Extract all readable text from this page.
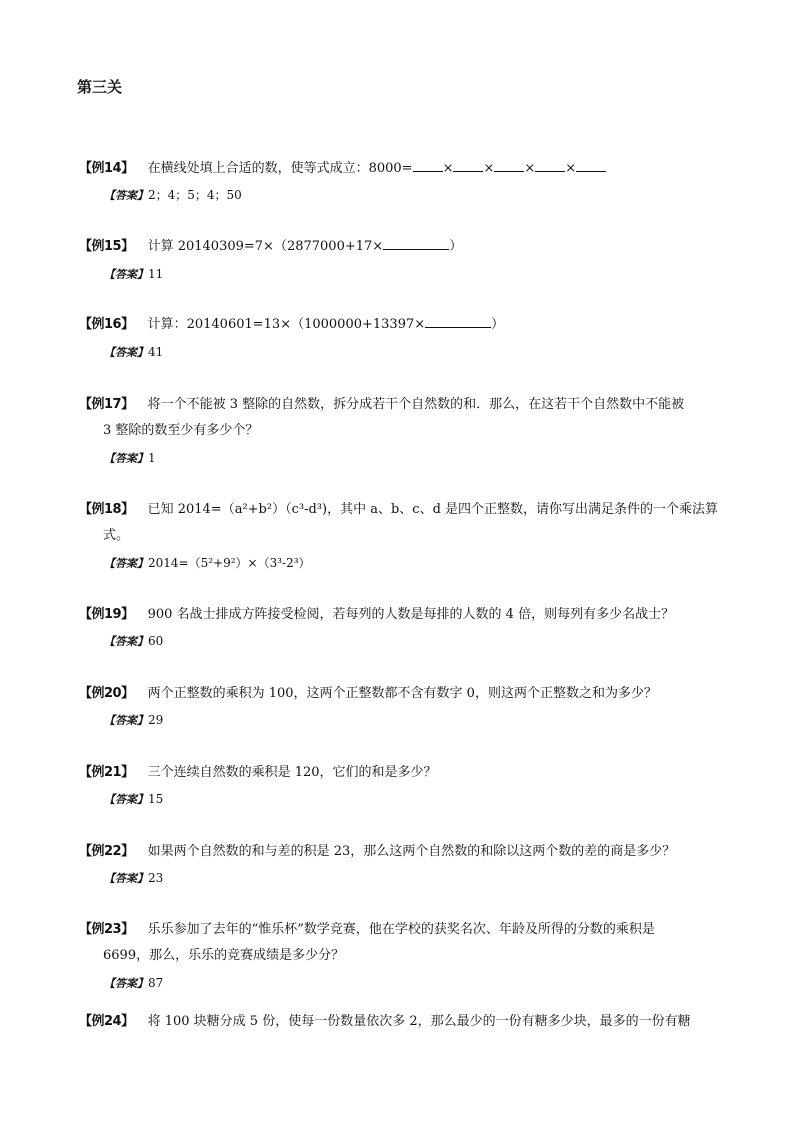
第三关
【例14】 在横线处填上合适的数，使等式成立：8000= × × × ×
【答案】2；4；5；4；50
【例15】 计算 20140309=7×（2877000+17×	）
【答案】11
【例16】 计算：20140601=13×（1000000+13397×	）
【答案】41
【例17】 将一个不能被 3 整除的自然数，拆分成若干个自然数的和．那么，在这若干个自然数中不能被
3 整除的数至少有多少个？
【答案】1
【例18】 已知 2014=（a²+b²）（c³-d³)，其中 a、b、c、d 是四个正整数，请你写出满足条件的一个乘法算
式。
【答案】2014=（5²+9²）×（3³-2³）
【例19】 900 名战士排成方阵接受检阅，若每列的人数是每排的人数的 4 倍，则每列有多少名战士？
【答案】60
【例20】 两个正整数的乘积为 100，这两个正整数都不含有数字 0，则这两个正整数之和为多少？
【答案】29
【例21】 三个连续自然数的乘积是 120，它们的和是多少？
【答案】15
【例22】 如果两个自然数的和与差的积是 23，那么这两个自然数的和除以这两个数的差的商是多少？
【答案】23
【例23】 乐乐参加了去年的“惟乐杯”数学竞赛，他在学校的获奖名次、年龄及所得的分数的乘积是
6699，那么，乐乐的竞赛成绩是多少分？
【答案】87
【例24】 将 100 块糖分成 5 份，使每一份数量依次多 2，那么最少的一份有糖多少块，最多的一份有糖
